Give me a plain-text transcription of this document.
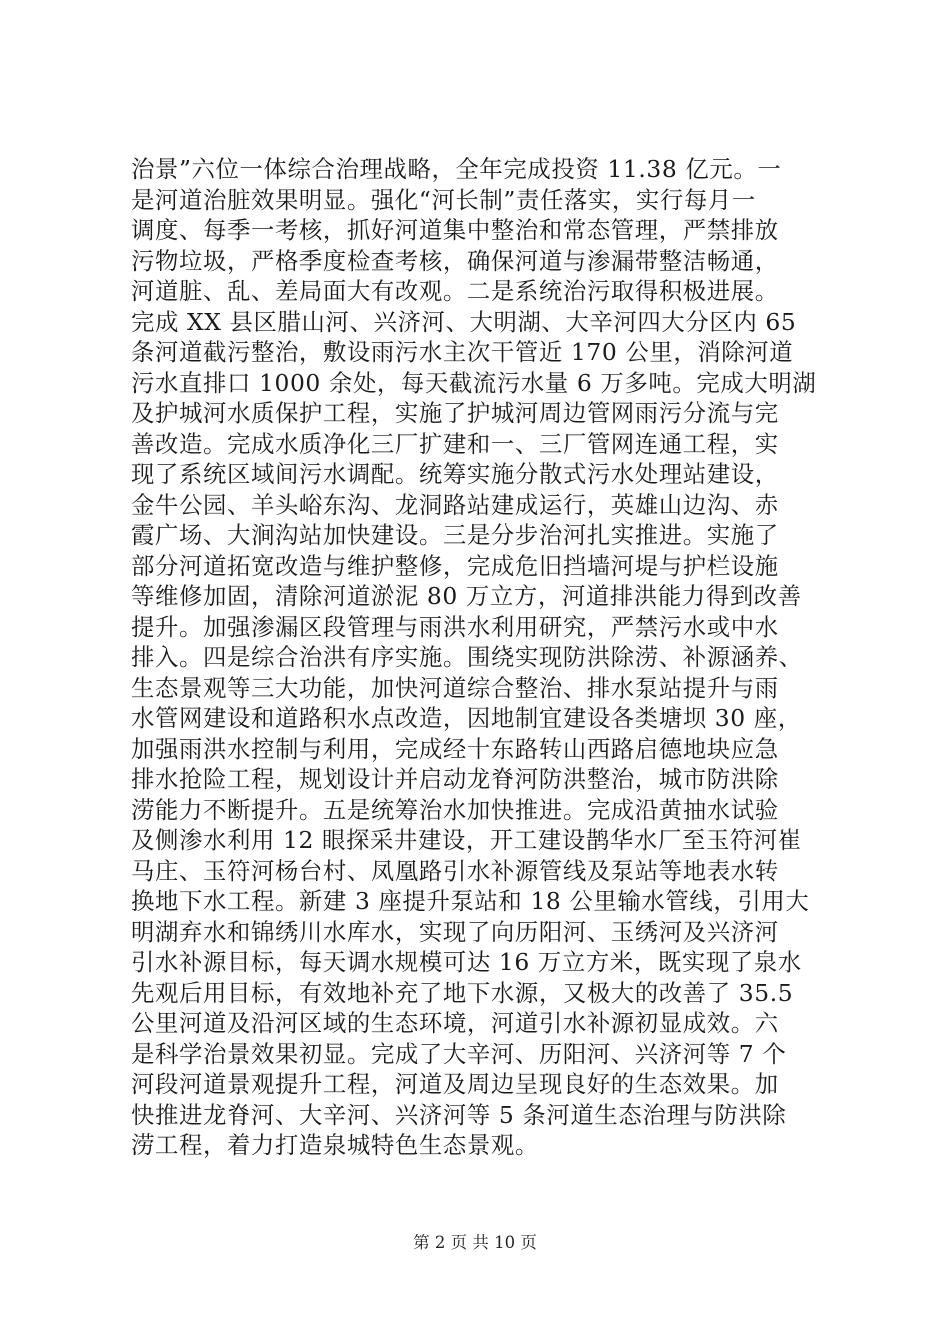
治景”六位一体综合治理战略，全年完成投资 11.38 亿元。一
是河道治脏效果明显。强化“河长制”责任落实，实行每月一
调度、每季一考核，抓好河道集中整治和常态管理，严禁排放
污物垃圾，严格季度检查考核，确保河道与渗漏带整洁畅通，
河道脏、乱、差局面大有改观。二是系统治污取得积极进展。
完成 XX 县区腊山河、兴济河、大明湖、大辛河四大分区内 65
条河道截污整治，敷设雨污水主次干管近 170 公里，消除河道
污水直排口 1000 余处，每天截流污水量 6 万多吨。完成大明湖
及护城河水质保护工程，实施了护城河周边管网雨污分流与完
善改造。完成水质净化三厂扩建和一、三厂管网连通工程，实
现了系统区域间污水调配。统筹实施分散式污水处理站建设，
金牛公园、羊头峪东沟、龙洞路站建成运行，英雄山边沟、赤
霞广场、大涧沟站加快建设。三是分步治河扎实推进。实施了
部分河道拓宽改造与维护整修，完成危旧挡墙河堤与护栏设施
等维修加固，清除河道淤泥 80 万立方，河道排洪能力得到改善
提升。加强渗漏区段管理与雨洪水利用研究，严禁污水或中水
排入。四是综合治洪有序实施。围绕实现防洪除涝、补源涵养、
生态景观等三大功能，加快河道综合整治、排水泵站提升与雨
水管网建设和道路积水点改造，因地制宜建设各类塘坝 30 座，
加强雨洪水控制与利用，完成经十东路转山西路启德地块应急
排水抢险工程，规划设计并启动龙脊河防洪整治，城市防洪除
涝能力不断提升。五是统筹治水加快推进。完成沿黄抽水试验
及侧渗水利用 12 眼探采井建设，开工建设鹊华水厂至玉符河崔
马庄、玉符河杨台村、凤凰路引水补源管线及泵站等地表水转
换地下水工程。新建 3 座提升泵站和 18 公里输水管线，引用大
明湖弃水和锦绣川水库水，实现了向历阳河、玉绣河及兴济河
引水补源目标，每天调水规模可达 16 万立方米，既实现了泉水
先观后用目标，有效地补充了地下水源，又极大的改善了 35.5
公里河道及沿河区域的生态环境，河道引水补源初显成效。六
是科学治景效果初显。完成了大辛河、历阳河、兴济河等 7 个
河段河道景观提升工程，河道及周边呈现良好的生态效果。加
快推进龙脊河、大辛河、兴济河等 5 条河道生态治理与防洪除
涝工程，着力打造泉城特色生态景观。
第 2 页 共 10 页
